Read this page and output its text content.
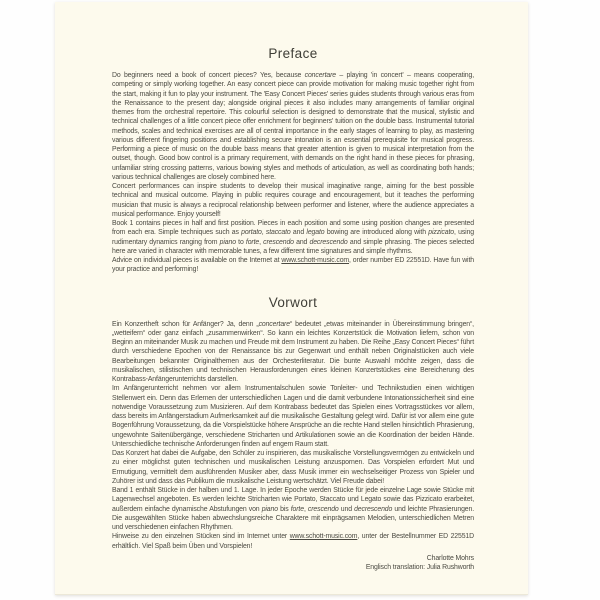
Preface

Do beginners need a book of concert pieces? Yes, because concertare – playing 'in concert' – means cooperating, competing or simply working together. An easy concert piece can provide motivation for making music together right from the start, making it fun to play your instrument. The 'Easy Concert Pieces' series guides students through various eras from the Renaissance to the present day; alongside original pieces it also includes many arrangements of familiar original themes from the orchestral repertoire. This colourful selection is designed to demonstrate that the musical, stylistic and technical challenges of a little concert piece offer enrichment for beginners' tuition on the double bass. Instrumental tutorial methods, scales and technical exercises are all of central importance in the early stages of learning to play, as mastering various different fingering positions and establishing secure intonation is an essential prerequisite for musical progress. Performing a piece of music on the double bass means that greater attention is given to musical interpretation from the outset, though. Good bow control is a primary requirement, with demands on the right hand in these pieces for phrasing, unfamiliar string crossing patterns, various bowing styles and methods of articulation, as well as coordinating both hands; various technical challenges are closely combined here.

Concert performances can inspire students to develop their musical imaginative range, aiming for the best possible technical and musical outcome. Playing in public requires courage and encouragement, but it teaches the performing musician that music is always a reciprocal relationship between performer and listener, where the audience appreciates a musical performance. Enjoy yourself!

Book 1 contains pieces in half and first position. Pieces in each position and some using position changes are presented from each era. Simple techniques such as portato, staccato and legato bowing are introduced along with pizzicato, using rudimentary dynamics ranging from piano to forte, crescendo and decrescendo and simple phrasing. The pieces selected here are varied in character with memorable tunes, a few different time signatures and simple rhythms.

Advice on individual pieces is available on the Internet at www.schott-music.com, order number ED 22551D. Have fun with your practice and performing!

Vorwort

Ein Konzertheft schon für Anfänger? Ja, denn „concertare“ bedeutet „etwas miteinander in Übereinstimmung bringen“, „wetteifern“ oder ganz einfach „zusammenwirken“. So kann ein leichtes Konzertstück die Motivation liefern, schon von Beginn an miteinander Musik zu machen und Freude mit dem Instrument zu haben. Die Reihe „Easy Concert Pieces“ führt durch verschiedene Epochen von der Renaissance bis zur Gegenwart und enthält neben Originalstücken auch viele Bearbeitungen bekannter Originalthemen aus der Orchesterliteratur. Die bunte Auswahl möchte zeigen, dass die musikalischen, stilistischen und technischen Herausforderungen eines kleinen Konzertstückes eine Bereicherung des Kontrabass-Anfängerunterrichts darstellen.

Im Anfängerunterricht nehmen vor allem Instrumentalschulen sowie Tonleiter- und Technikstudien einen wichtigen Stellenwert ein. Denn das Erlernen der unterschiedlichen Lagen und die damit verbundene Intonationssicherheit sind eine notwendige Voraussetzung zum Musizieren. Auf dem Kontrabass bedeutet das Spielen eines Vortragsstückes vor allem, dass bereits im Anfängerstadium Aufmerksamkeit auf die musikalische Gestaltung gelegt wird. Dafür ist vor allem eine gute Bogenführung Voraussetzung, da die Vorspielstücke höhere Ansprüche an die rechte Hand stellen hinsichtlich Phrasierung, ungewohnte Saitenübergänge, verschiedene Stricharten und Artikulationen sowie an die Koordination der beiden Hände. Unterschiedliche technische Anforderungen finden auf engem Raum statt.

Das Konzert hat dabei die Aufgabe, den Schüler zu inspirieren, das musikalische Vorstellungsvermögen zu entwickeln und zu einer möglichst guten technischen und musikalischen Leistung anzuspornen. Das Vorspielen erfordert Mut und Ermutigung, vermittelt dem ausführenden Musiker aber, dass Musik immer ein wechselseitiger Prozess von Spieler und Zuhörer ist und dass das Publikum die musikalische Leistung wertschätzt. Viel Freude dabei!

Band 1 enthält Stücke in der halben und 1. Lage. In jeder Epoche werden Stücke für jede einzelne Lage sowie Stücke mit Lagenwechsel angeboten. Es werden leichte Stricharten wie Portato, Staccato und Legato sowie das Pizzicato erarbeitet, außerdem einfache dynamische Abstufungen von piano bis forte, crescendo und decrescendo und leichte Phrasierungen. Die ausgewählten Stücke haben abwechslungsreiche Charaktere mit einprägsamen Melodien, unterschiedlichen Metren und verschiedenen einfachen Rhythmen.

Hinweise zu den einzelnen Stücken sind im Internet unter www.schott-music.com, unter der Bestellnummer ED 22551D erhältlich. Viel Spaß beim Üben und Vorspielen!

Charlotte Mohrs
Englisch translation: Julia Rushworth
